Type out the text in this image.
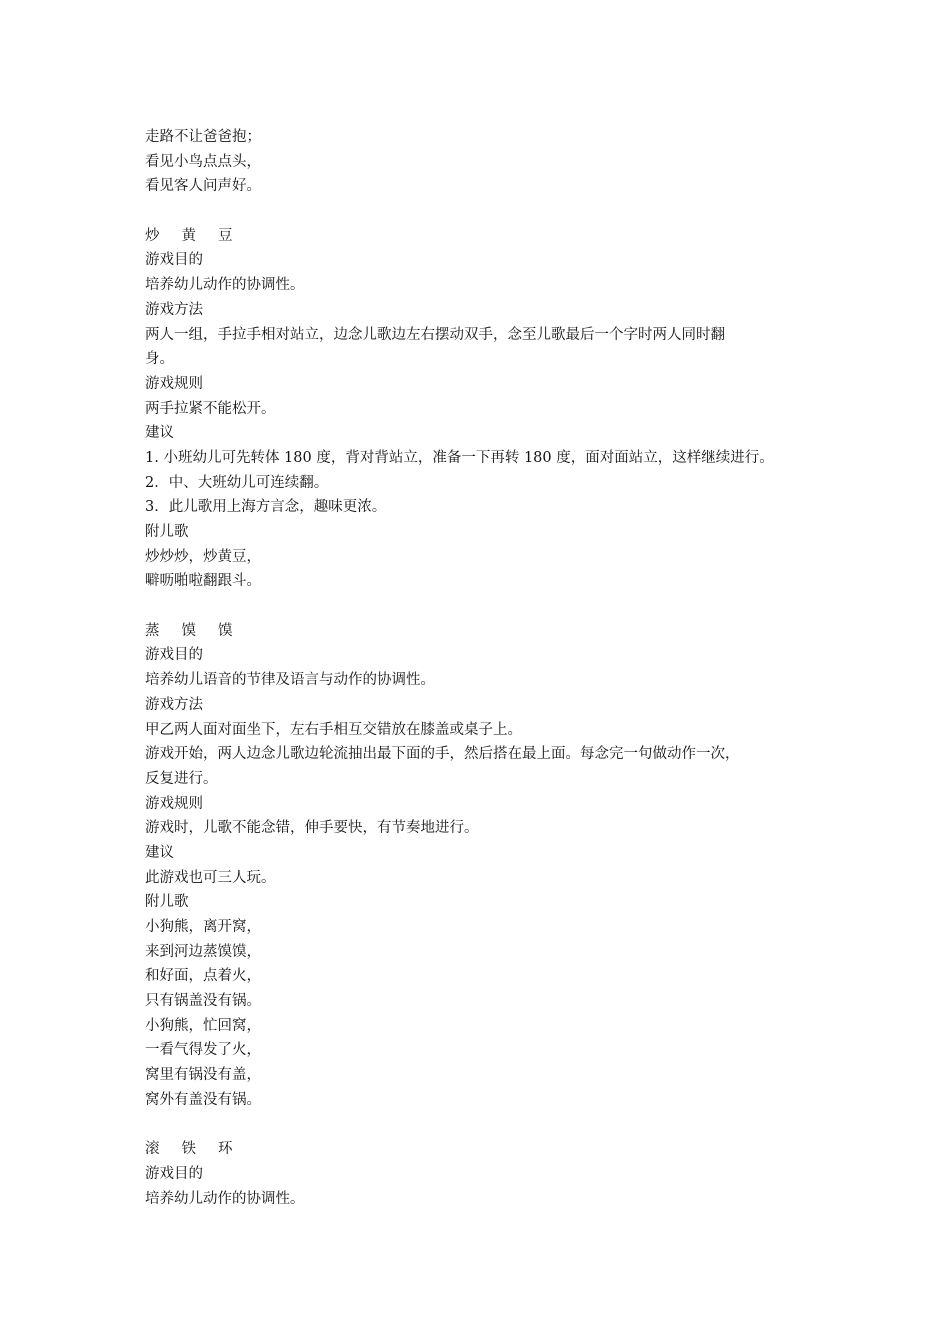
走路不让爸爸抱；
看见小鸟点点头，
看见客人问声好。
炒 黄 豆
游戏目的
培养幼儿动作的协调性。
游戏方法
两人一组，手拉手相对站立，边念儿歌边左右摆动双手，念至儿歌最后一个字时两人同时翻
身。
游戏规则
两手拉紧不能松开。
建议
1. 小班幼儿可先转体 180 度，背对背站立，准备一下再转 180 度，面对面站立，这样继续进行。
2．中、大班幼儿可连续翻。
3．此儿歌用上海方言念，趣味更浓。
附儿歌
炒炒炒，炒黄豆，
噼呖啪啦翻跟斗。
蒸 馍 馍
游戏目的
培养幼儿语音的节律及语言与动作的协调性。
游戏方法
甲乙两人面对面坐下，左右手相互交错放在膝盖或桌子上。
游戏开始，两人边念儿歌边轮流抽出最下面的手，然后搭在最上面。每念完一句做动作一次，
反复进行。
游戏规则
游戏时，儿歌不能念错，伸手要快，有节奏地进行。
建议
此游戏也可三人玩。
附儿歌
小狗熊，离开窝，
来到河边蒸馍馍，
和好面，点着火，
只有锅盖没有锅。
小狗熊，忙回窝，
一看气得发了火，
窝里有锅没有盖，
窝外有盖没有锅。
滚 铁 环
游戏目的
培养幼儿动作的协调性。
